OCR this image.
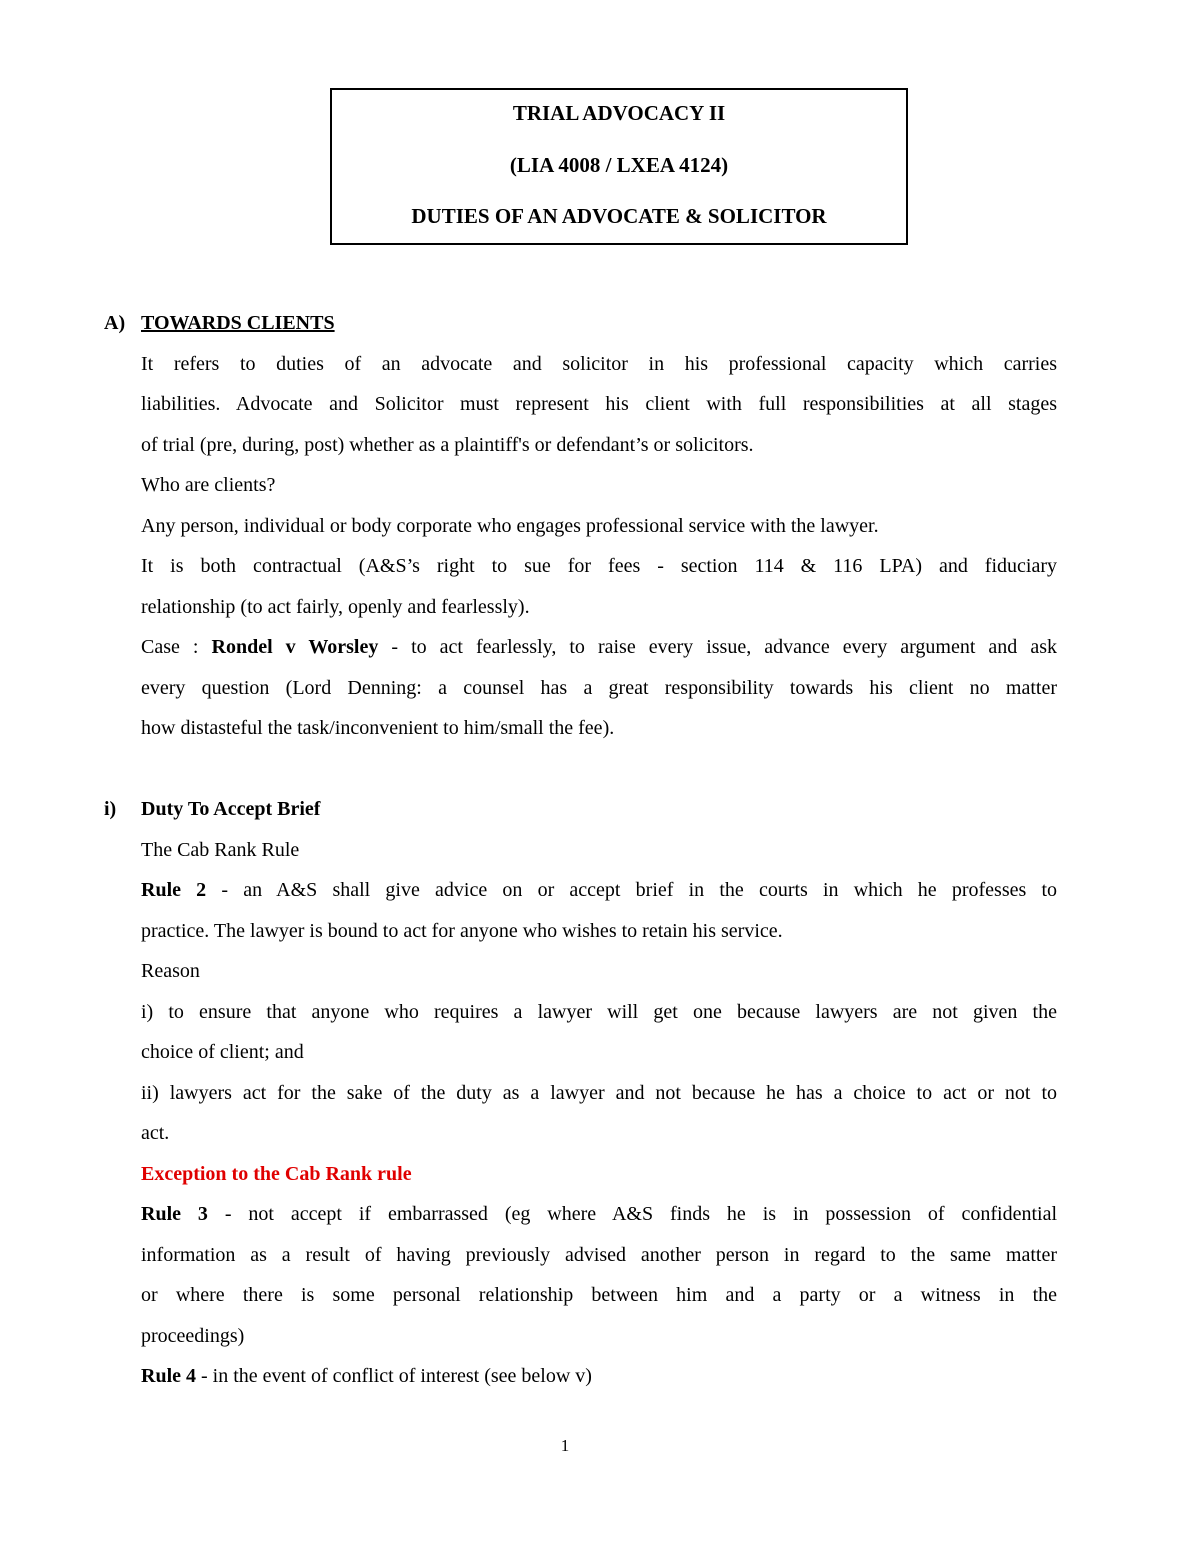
TRIAL ADVOCACY II
(LIA 4008 / LXEA 4124)
DUTIES OF AN ADVOCATE & SOLICITOR
A) TOWARDS CLIENTS
It refers to duties of an advocate and solicitor in his professional capacity which carries
liabilities. Advocate and Solicitor must represent his client with full responsibilities at all stages
of trial (pre, during, post) whether as a plaintiff's or defendant’s or solicitors.
Who are clients?
Any person, individual or body corporate who engages professional service with the lawyer.
It is both contractual (A&S’s right to sue for fees - section 114 & 116 LPA) and fiduciary
relationship (to act fairly, openly and fearlessly).
Case : Rondel v Worsley - to act fearlessly, to raise every issue, advance every argument and ask
every question (Lord Denning: a counsel has a great responsibility towards his client no matter
how distasteful the task/inconvenient to him/small the fee).
i) Duty To Accept Brief
The Cab Rank Rule
Rule 2 - an A&S shall give advice on or accept brief in the courts in which he professes to
practice. The lawyer is bound to act for anyone who wishes to retain his service.
Reason
i) to ensure that anyone who requires a lawyer will get one because lawyers are not given the
choice of client; and
ii) lawyers act for the sake of the duty as a lawyer and not because he has a choice to act or not to
act.
Exception to the Cab Rank rule
Rule 3 - not accept if embarrassed (eg where A&S finds he is in possession of confidential
information as a result of having previously advised another person in regard to the same matter
or where there is some personal relationship between him and a party or a witness in the
proceedings)
Rule 4 - in the event of conflict of interest (see below v)
1
